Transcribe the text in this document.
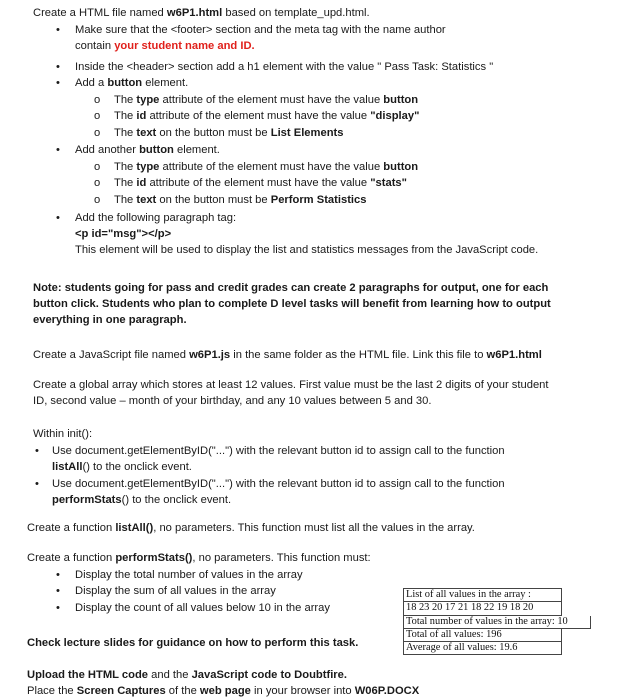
Create a HTML file named w6P1.html based on template_upd.html.

• Make sure that the <footer> section and the meta tag with the name author

contain your student name and ID.

• Inside the <header> section add a h1 element with the value " Pass Task: Statistics "

• Add a button element.

o The type attribute of the element must have the value button

o The id attribute of the element must have the value "display"

o The text on the button must be List Elements

• Add another button element.

o The type attribute of the element must have the value button

o The id attribute of the element must have the value "stats"

o The text on the button must be Perform Statistics

• Add the following paragraph tag:

<p id="msg"></p>

This element will be used to display the list and statistics messages from the JavaScript code.

Note: students going for pass and credit grades can create 2 paragraphs for output, one for each

button click. Students who plan to complete D level tasks will benefit from learning how to output

everything in one paragraph.

Create a JavaScript file named w6P1.js in the same folder as the HTML file. Link this file to w6P1.html

Create a global array which stores at least 12 values. First value must be the last 2 digits of your student

ID, second value – month of your birthday, and any 10 values between 5 and 30.

Within init():

• Use document.getElementByID("...") with the relevant button id to assign call to the function

listAll() to the onclick event.

• Use document.getElementByID("...") with the relevant button id to assign call to the function

performStats() to the onclick event.

Create a function listAll(), no parameters. This function must list all the values in the array.

Create a function performStats(), no parameters. This function must:

• Display the total number of values in the array

• Display the sum of all values in the array

• Display the count of all values below 10 in the array

Check lecture slides for guidance on how to perform this task.

Upload the HTML code and the JavaScript code to Doubtfire.

Place the Screen Captures of the web page in your browser into W06P.DOCX

List of all values in the array :
18 23 20 17 21 18 22 19 18 20
Total number of values in the array: 10
Total of all values: 196
Average of all values: 19.6
